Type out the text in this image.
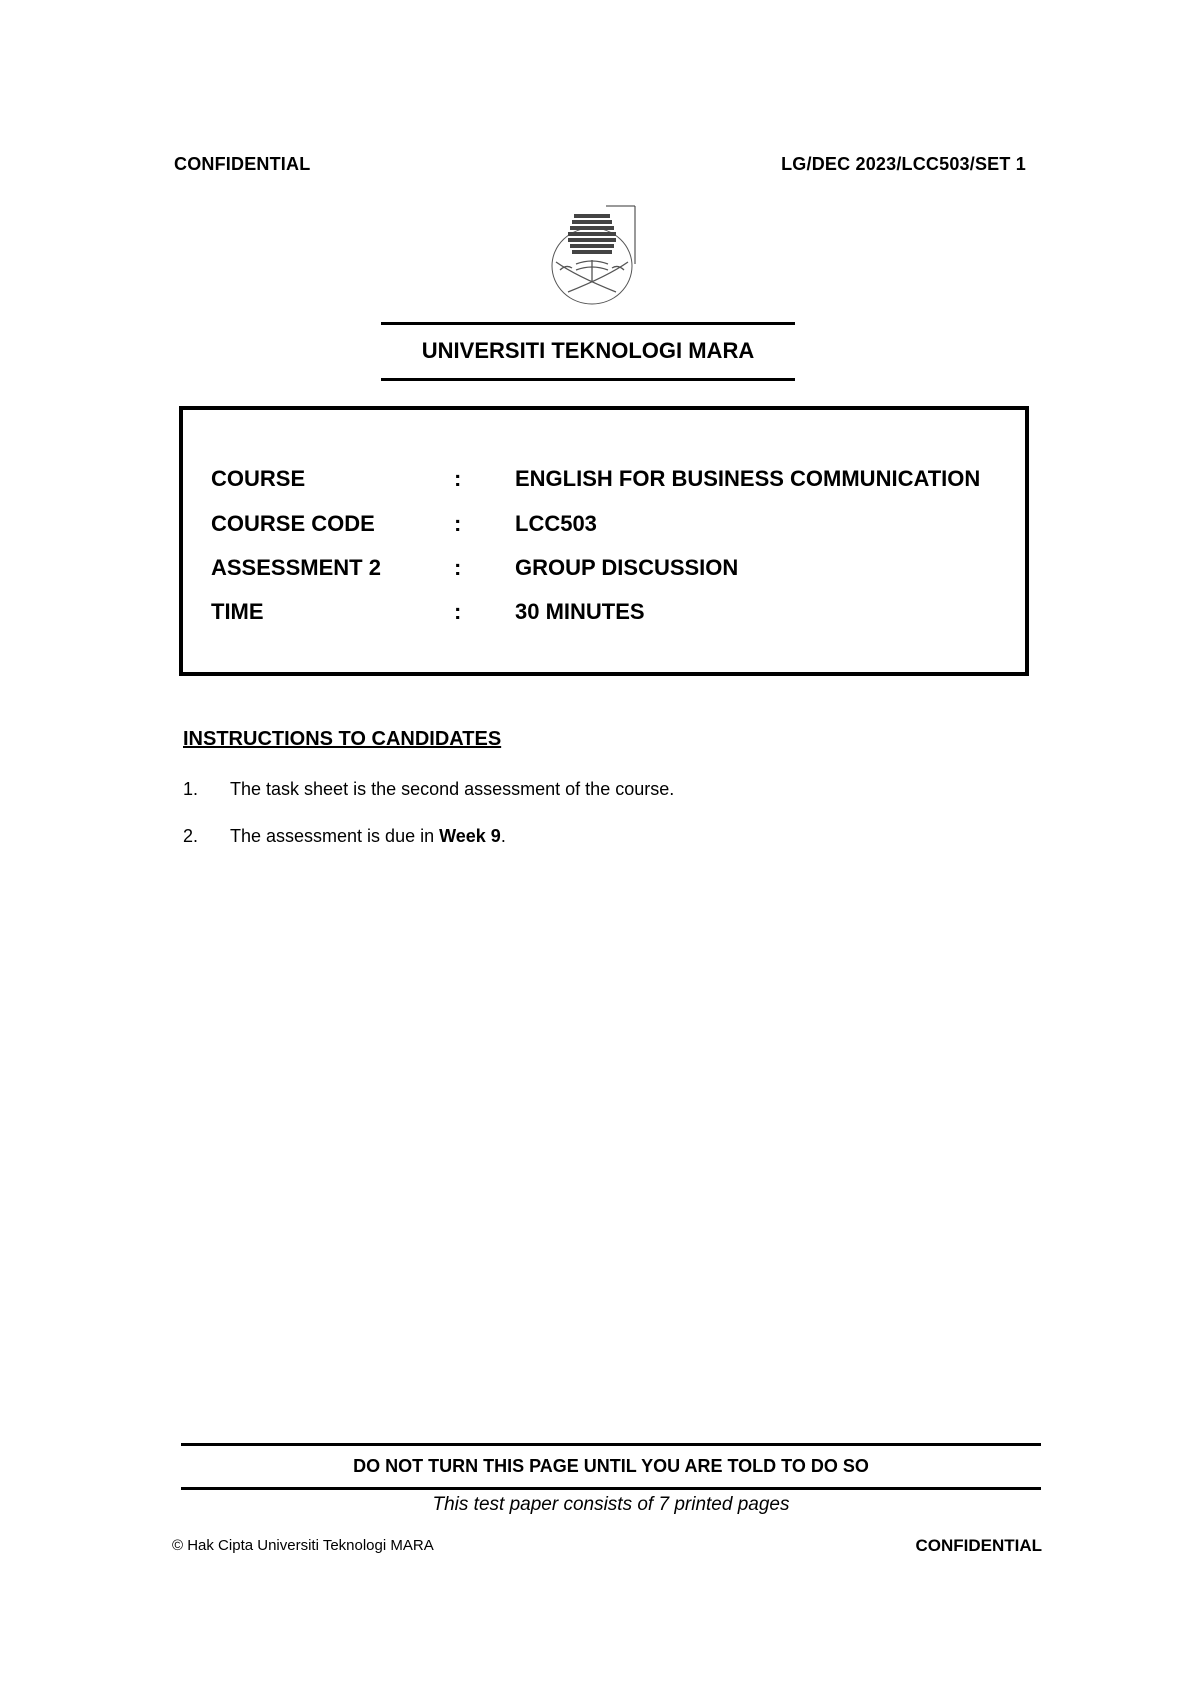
CONFIDENTIAL	LG/DEC 2023/LCC503/SET 1
UNIVERSITI TEKNOLOGI MARA
COURSE	: ENGLISH FOR BUSINESS COMMUNICATION
COURSE CODE	: LCC503
ASSESSMENT 2	: GROUP DISCUSSION
TIME	: 30 MINUTES
INSTRUCTIONS TO CANDIDATES
1. The task sheet is the second assessment of the course.
2. The assessment is due in Week 9.
DO NOT TURN THIS PAGE UNTIL YOU ARE TOLD TO DO SO
This test paper consists of 7 printed pages
© Hak Cipta Universiti Teknologi MARA	CONFIDENTIAL
